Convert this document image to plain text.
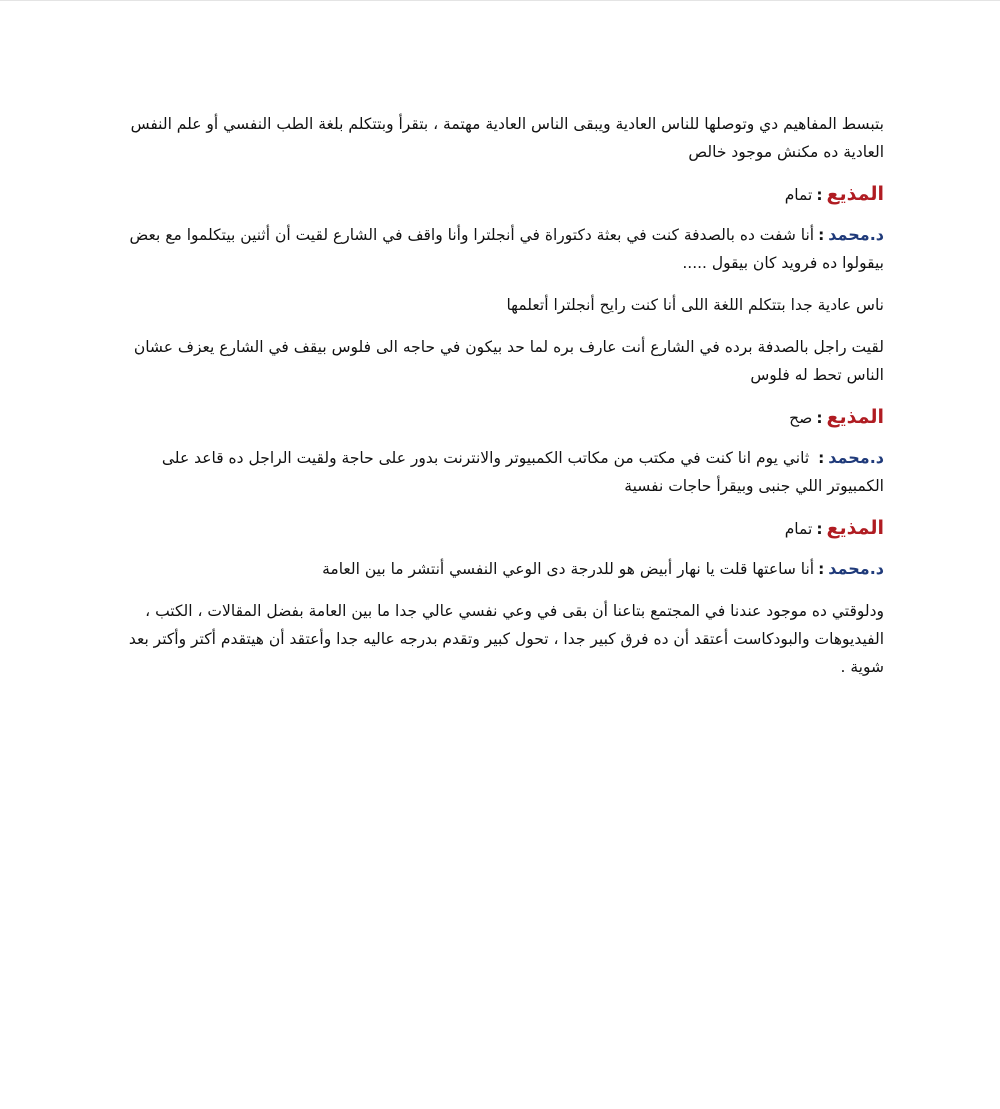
بتبسط المفاهيم دي وتوصلها للناس العادية ويبقى الناس العادية مهتمة ، بتقرأ وبتتكلم بلغة الطب النفسي أو علم النفس العادية ده مكنش موجود خالص

المذيع:تمام

د.محمد:أنا شفت ده بالصدفة كنت في بعثة دكتوراة في أنجلترا وأنا واقف في الشارع لقيت أن أثنين بيتكلموا مع بعض بيقولوا ده فرويد كان بيقول .....

ناس عادية جدا بتتكلم اللغة اللى أنا كنت رايح أنجلترا أتعلمها

لقيت راجل بالصدفة برده في الشارع أنت عارف بره لما حد بيكون في حاجه الى فلوس بيقف في الشارع يعزف عشان الناس تحط له فلوس

المذيع:صح

د.محمد: ثاني يوم انا كنت في مكتب من مكاتب الكمبيوتر والانترنت بدور على حاجة ولقيت الراجل ده قاعد على الكمبيوتر اللي جنبى وبيقرأ حاجات نفسية

المذيع:تمام

د.محمد:أنا ساعتها قلت يا نهار أبيض هو للدرجة دى الوعي النفسي أنتشر ما بين العامة

ودلوقتي ده موجود عندنا في المجتمع بتاعنا أن بقى في وعي نفسي عالي جدا ما بين العامة بفضل المقالات ، الكتب ، الفيديوهات والبودكاست أعتقد أن ده فرق كبير جدا ، تحول كبير وتقدم بدرجه عاليه جدا وأعتقد أن هيتقدم أكتر وأكتر بعد شوية .
